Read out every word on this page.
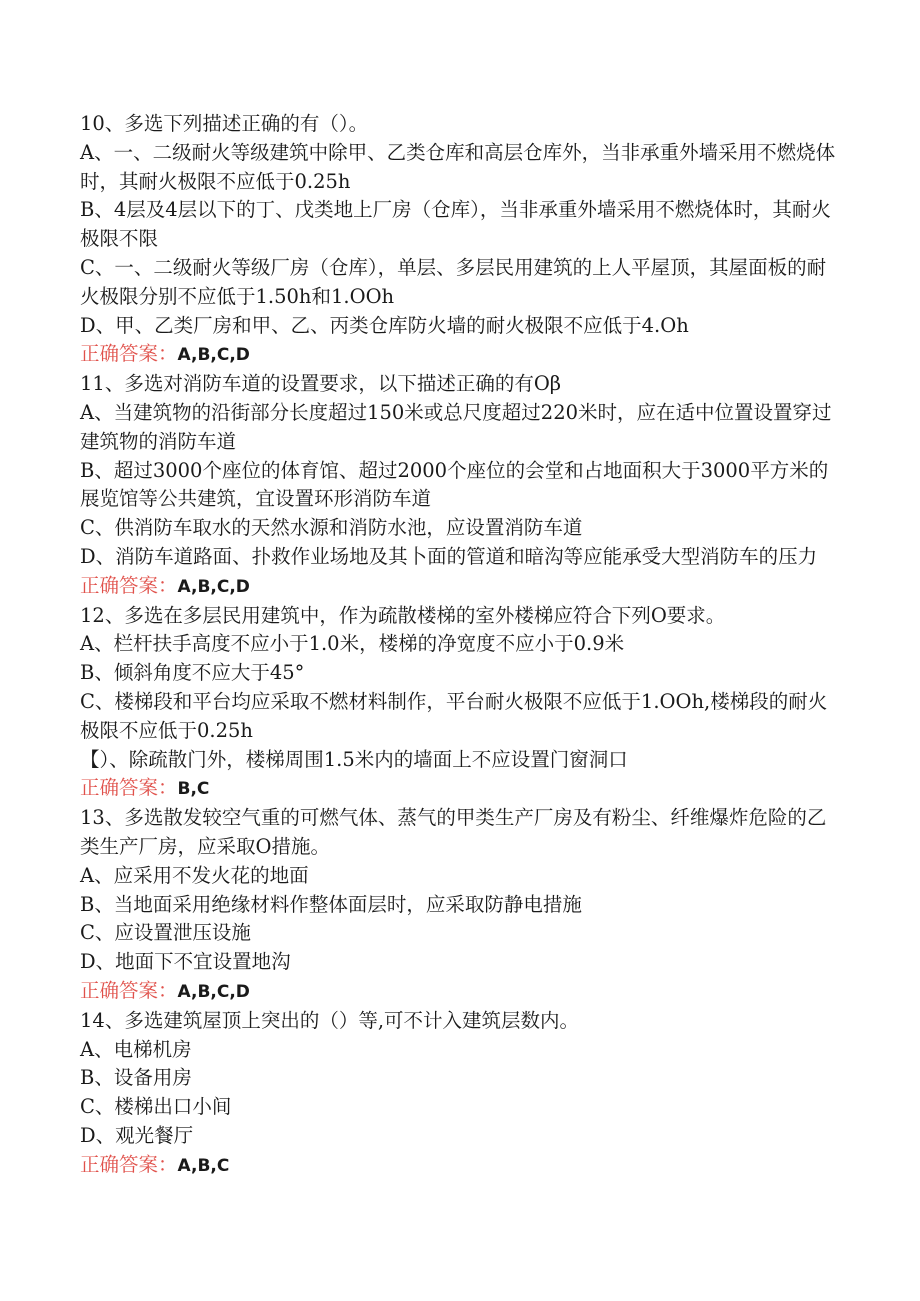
10、多选下列描述正确的有（）。

A、一、二级耐火等级建筑中除甲、乙类仓库和高层仓库外，当非承重外墙采用不燃烧体时，其耐火极限不应低于0.25h

B、4层及4层以下的丁、戊类地上厂房（仓库），当非承重外墙采用不燃烧体时，其耐火极限不限

C、一、二级耐火等级厂房（仓库），单层、多层民用建筑的上人平屋顶，其屋面板的耐火极限分别不应低于1.50h和1.OOh

D、甲、乙类厂房和甲、乙、丙类仓库防火墙的耐火极限不应低于4.Oh

正确答案：A,B,C,D

11、多选对消防车道的设置要求，以下描述正确的有Oβ

A、当建筑物的沿街部分长度超过150米或总尺度超过220米时，应在适中位置设置穿过建筑物的消防车道

B、超过3000个座位的体育馆、超过2000个座位的会堂和占地面积大于3000平方米的展览馆等公共建筑，宜设置环形消防车道

C、供消防车取水的天然水源和消防水池，应设置消防车道

D、消防车道路面、扑救作业场地及其卜面的管道和暗沟等应能承受大型消防车的压力

正确答案：A,B,C,D

12、多选在多层民用建筑中，作为疏散楼梯的室外楼梯应符合下列O要求。

A、栏杆扶手高度不应小于1.0米，楼梯的净宽度不应小于0.9米

B、倾斜角度不应大于45°

C、楼梯段和平台均应采取不燃材料制作，平台耐火极限不应低于1.OOh,楼梯段的耐火极限不应低于0.25h

【）、除疏散门外，楼梯周围1.5米内的墙面上不应设置门窗洞口

正确答案：B,C

13、多选散发较空气重的可燃气体、蒸气的甲类生产厂房及有粉尘、纤维爆炸危险的乙类生产厂房，应采取O措施。

A、应采用不发火花的地面

B、当地面采用绝缘材料作整体面层时，应采取防静电措施

C、应设置泄压设施

D、地面下不宜设置地沟

正确答案：A,B,C,D

14、多选建筑屋顶上突出的（）等,可不计入建筑层数内。

A、电梯机房

B、设备用房

C、楼梯出口小间

D、观光餐厅

正确答案：A,B,C
